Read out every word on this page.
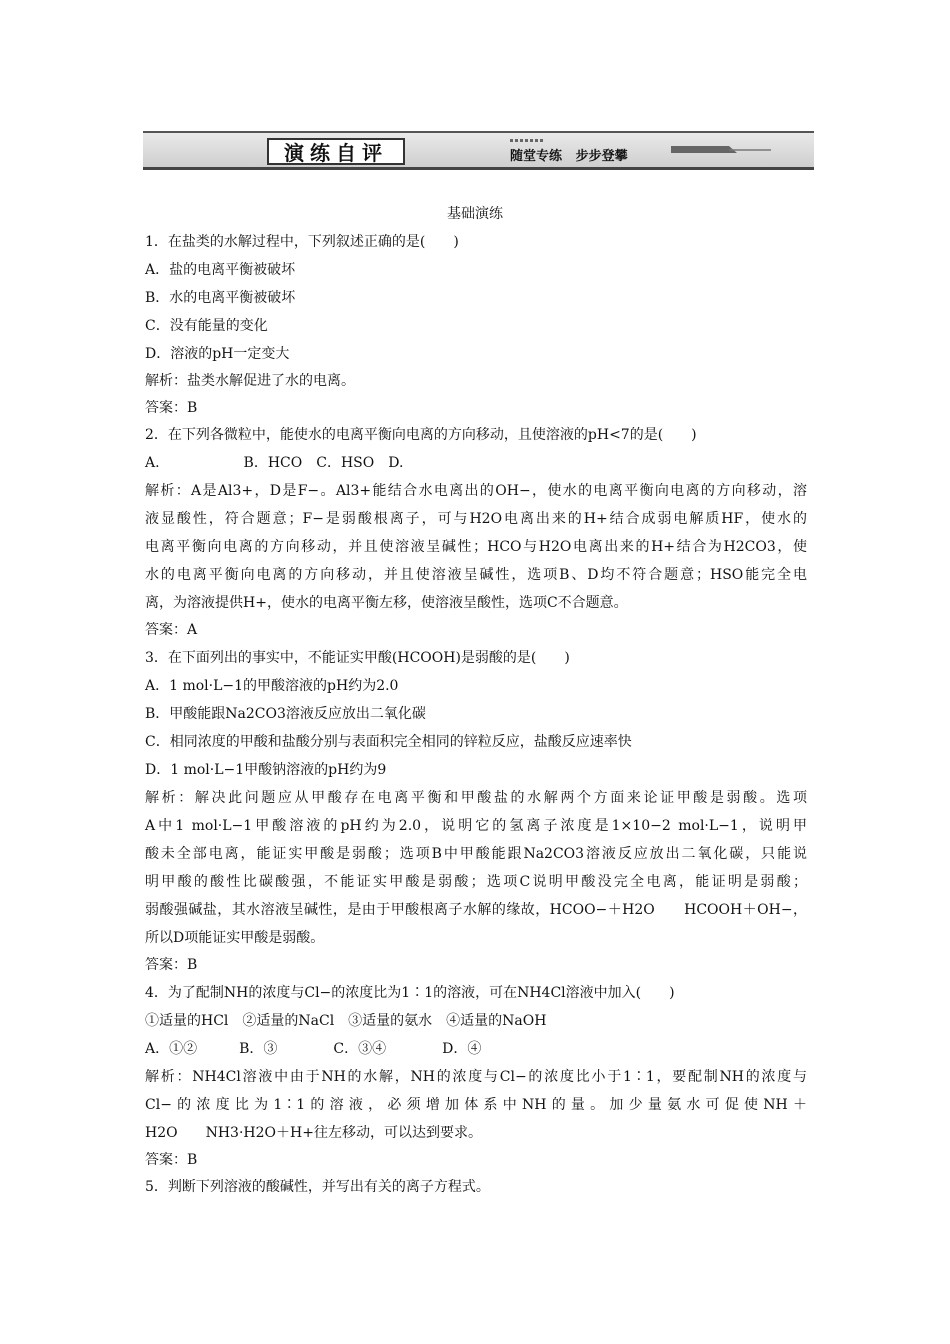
演练自评	随堂专练   步步登攀
基础演练
1．在盐类的水解过程中，下列叙述正确的是(　　)
A．盐的电离平衡被破坏
B．水的电离平衡被破坏
C．没有能量的变化
D．溶液的pH一定变大
解析：盐类水解促进了水的电离。
答案：B
2．在下列各微粒中，能使水的电离平衡向电离的方向移动，且使溶液的pH<7的是(　　)
A.　　　　　　B．HCO　C．HSO　D.
解析：A是Al3+，D是F−。Al3+能结合水电离出的OH−，使水的电离平衡向电离的方向移动，溶
液显酸性，符合题意；F−是弱酸根离子，可与H2O电离出来的H+结合成弱电解质HF，使水的
电离平衡向电离的方向移动，并且使溶液呈碱性；HCO与H2O电离出来的H+结合为H2CO3，使
水的电离平衡向电离的方向移动，并且使溶液呈碱性，选项B、D均不符合题意；HSO能完全电
离，为溶液提供H+，使水的电离平衡左移，使溶液呈酸性，选项C不合题意。
答案：A
3．在下面列出的事实中，不能证实甲酸(HCOOH)是弱酸的是(　　)
A．1 mol·L−1的甲酸溶液的pH约为2.0
B．甲酸能跟Na2CO3溶液反应放出二氧化碳
C．相同浓度的甲酸和盐酸分别与表面积完全相同的锌粒反应，盐酸反应速率快
D．1 mol·L−1甲酸钠溶液的pH约为9
解析：解决此问题应从甲酸存在电离平衡和甲酸盐的水解两个方面来论证甲酸是弱酸。选项
A中1 mol·L−1甲酸溶液的pH约为2.0，说明它的氢离子浓度是1×10−2 mol·L−1，说明甲
酸未全部电离，能证实甲酸是弱酸；选项B中甲酸能跟Na2CO3溶液反应放出二氧化碳，只能说
明甲酸的酸性比碳酸强，不能证实甲酸是弱酸；选项C说明甲酸没完全电离，能证明是弱酸；
弱酸强碱盐，其水溶液呈碱性，是由于甲酸根离子水解的缘故，HCOO−＋H2O　　HCOOH＋OH−，
所以D项能证实甲酸是弱酸。
答案：B
4．为了配制NH的浓度与Cl−的浓度比为1∶1的溶液，可在NH4Cl溶液中加入(　　)
①适量的HCl　②适量的NaCl　③适量的氨水　④适量的NaOH
A．①②　　　B．③　　　　C．③④　　　　D．④
解析：NH4Cl溶液中由于NH的水解，NH的浓度与Cl−的浓度比小于1∶1，要配制NH的浓度与
Cl−的浓度比为1∶1的溶液，必须增加体系中NH的量。加少量氨水可促使NH＋
H2O　　NH3·H2O＋H+往左移动，可以达到要求。
答案：B
5．判断下列溶液的酸碱性，并写出有关的离子方程式。
